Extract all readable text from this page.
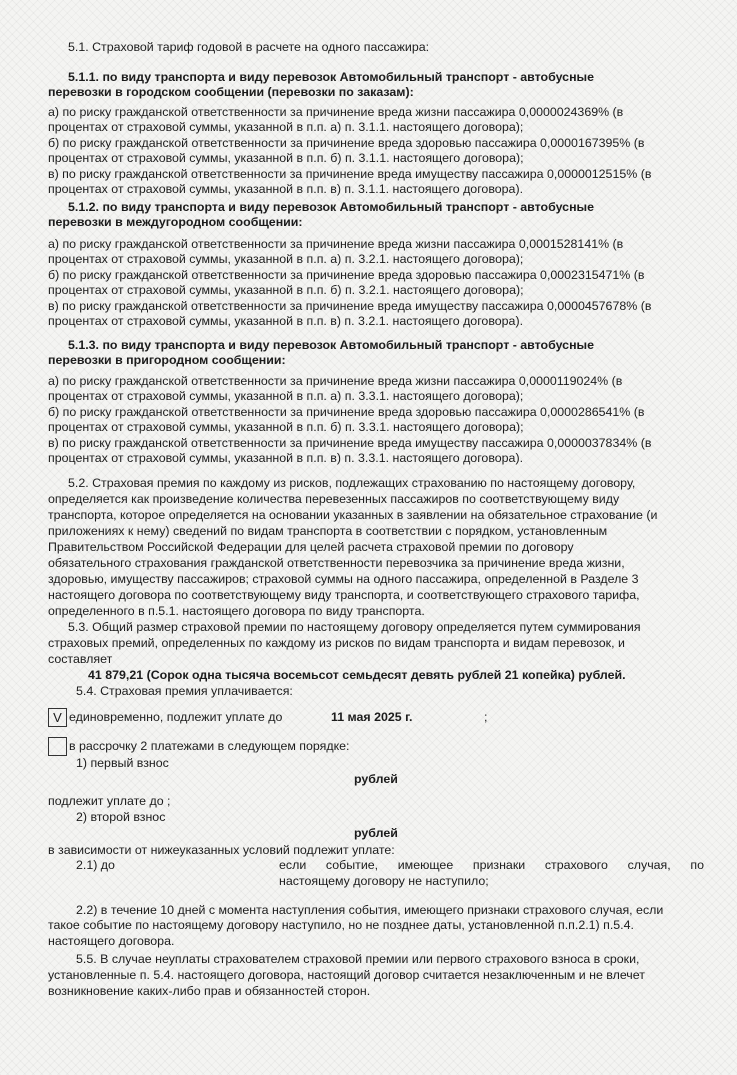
5.1. Страховой тариф годовой в расчете на одного пассажира:
5.1.1. по виду транспорта и виду перевозок Автомобильный транспорт - автобусные
перевозки в городском сообщении (перевозки по заказам):
а) по риску гражданской ответственности за причинение вреда жизни пассажира 0,0000024369% (в
процентах от страховой суммы, указанной в п.п. а) п. 3.1.1. настоящего договора);
б) по риску гражданской ответственности за причинение вреда здоровью пассажира 0,0000167395% (в
процентах от страховой суммы, указанной в п.п. б) п. 3.1.1. настоящего договора);
в) по риску гражданской ответственности за причинение вреда имуществу пассажира 0,0000012515% (в
процентах от страховой суммы, указанной в п.п. в) п. 3.1.1. настоящего договора).
5.1.2. по виду транспорта и виду перевозок Автомобильный транспорт - автобусные
перевозки в междугородном сообщении:
а) по риску гражданской ответственности за причинение вреда жизни пассажира 0,0001528141% (в
процентах от страховой суммы, указанной в п.п. а) п. 3.2.1. настоящего договора);
б) по риску гражданской ответственности за причинение вреда здоровью пассажира 0,0002315471% (в
процентах от страховой суммы, указанной в п.п. б) п. 3.2.1. настоящего договора);
в) по риску гражданской ответственности за причинение вреда имуществу пассажира 0,0000457678% (в
процентах от страховой суммы, указанной в п.п. в) п. 3.2.1. настоящего договора).
5.1.3. по виду транспорта и виду перевозок Автомобильный транспорт - автобусные
перевозки в пригородном сообщении:
а) по риску гражданской ответственности за причинение вреда жизни пассажира 0,0000119024% (в
процентах от страховой суммы, указанной в п.п. а) п. 3.3.1. настоящего договора);
б) по риску гражданской ответственности за причинение вреда здоровью пассажира 0,0000286541% (в
процентах от страховой суммы, указанной в п.п. б) п. 3.3.1. настоящего договора);
в) по риску гражданской ответственности за причинение вреда имуществу пассажира 0,0000037834% (в
процентах от страховой суммы, указанной в п.п. в) п. 3.3.1. настоящего договора).
5.2. Страховая премия по каждому из рисков, подлежащих страхованию по настоящему договору,
определяется как произведение количества перевезенных пассажиров по соответствующему виду
транспорта, которое определяется на основании указанных в заявлении на обязательное страхование (и
приложениях к нему) сведений по видам транспорта в соответствии с порядком, установленным
Правительством Российской Федерации для целей расчета страховой премии по договору
обязательного страхования гражданской ответственности перевозчика за причинение вреда жизни,
здоровью, имуществу пассажиров; страховой суммы на одного пассажира, определенной в Разделе 3
настоящего договора по соответствующему виду транспорта, и соответствующего страхового тарифа,
определенного в п.5.1. настоящего договора по виду транспорта.
5.3. Общий размер страховой премии по настоящему договору определяется путем суммирования
страховых премий, определенных по каждому из рисков по видам транспорта и видам перевозок, и
составляет
41 879,21 (Сорок одна тысяча восемьсот семьдесят девять рублей 21 копейка) рублей.
5.4. Страховая премия уплачивается:
V единовременно, подлежит уплате до	11 мая 2025 г.	;
в рассрочку 2 платежами в следующем порядке:
1) первый взнос
рублей
подлежит уплате до ;
2) второй взнос
рублей
в зависимости от нижеуказанных условий подлежит уплате:
2.1) до	если событие, имеющее признаки страхового случая, по
настоящему договору не наступило;
2.2) в течение 10 дней с момента наступления события, имеющего признаки страхового случая, если
такое событие по настоящему договору наступило, но не позднее даты, установленной п.п.2.1) п.5.4.
настоящего договора.
5.5. В случае неуплаты страхователем страховой премии или первого страхового взноса в сроки,
установленные п. 5.4. настоящего договора, настоящий договор считается незаключенным и не влечет
возникновение каких-либо прав и обязанностей сторон.
